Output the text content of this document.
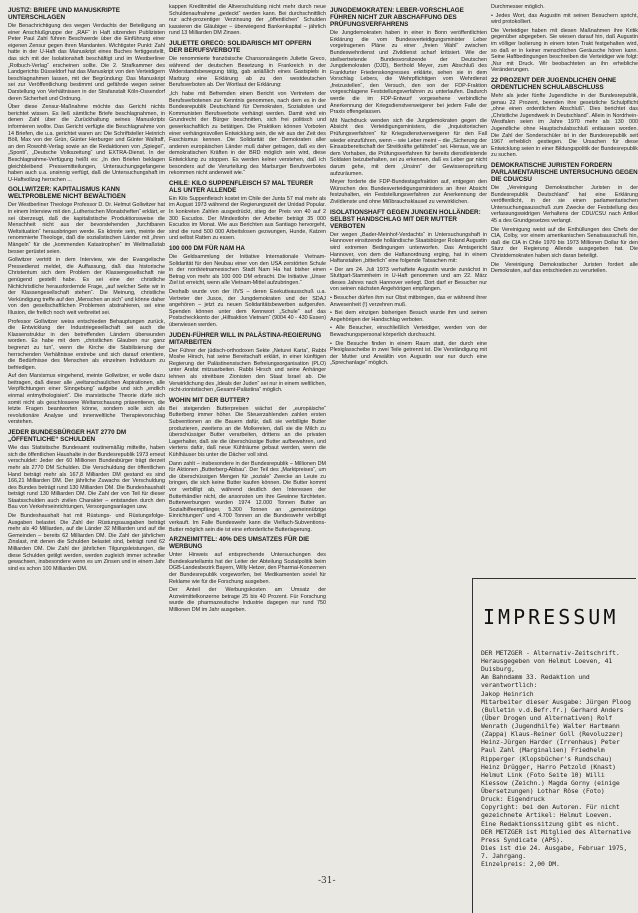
JUSTIZ: BRIEFE UND MANUSKRIPTE UNTERSCHLAGEN

Die Benachrichtigung des wegen Verdachts der Beteiligung an einer Anschlußgruppe der „RAF“ in Haft sitzenden Publizisten Peter Paul Zahl führen Beschwerde über die Einführung einer eigenen Zensur gegen ihren Mandanten. Wichtigster Punkt: Zahl hatte in der U-Haft das Manuskript eines Buches fertiggestellt, das sich mit der Isolationshaft beschäftigt und im Westberliner „Rotbuch-Verlag“ erscheinen sollte. Die 2. Strafkammer des Landgerichts Düsseldorf hat das Manuskript von den Verteidigern beschlagnahmen lassen, mit der Begründung: Das Manuskript sei zur Veröffentlichung bestimmt und gefährde wegen seiner Darstellung von Verhältnissen in der Strafanstalt Köln-Ossendorf deren Sicherheit und Ordnung.

Über diese Zensur-Maßnahme möchte das Gericht nichts berichtet wissen. Es ließ sämtliche Briefe beschlagnahmen, in denen Zahl über die Zurückhaltung seines Manuskripts informieren wollte. Das Gericht verfügte die Beschlagnahme von 14 Briefen, die u.a. gerichtet waren an: Die Schriftsteller Heinrich Böll, Max von der Grün, Günter Herburger und Günter Wallraff, an den Rowohlt-Verlag sowie an die Redaktionen von „Spiegel“, „Sponti“, „Deutsche Volkszeitung“ und EXTRA-Dienst. In der Beschlagnahme-Verfügung heißt es: „In den Briefen beklagen gleichbleibend Pressemitteilungen, Untersuchungsgefangene haben auch u.a. unsinnig verfügt, daß die Untersuchungshaft im U-Haftvollzug herrschen ...

GOLLWITZER: KAPITALISMUS KANN WELTPROBLEME NICHT BEWÄLTIGEN

Der Westberliner Theologe Professor D. Dr. Helmut Gollwitzer hat in einem Interview mit den „Lutherischen Monatsheften“ erklärt, er sei überzeugt, daß die kapitalistische Produktionsweise die Menschheit nicht aus der bevorstehenden „furchtbaren Weltsituation“ herausbringen werde. Es könnte sein, meinte der renommierte Theologe, daß die sozialistischen Länder mit „ihren Mängeln“ für die „kommenden Katastrophen“ im Weltmaßstab besser gerüstet seien.

Gollwitzer vertritt in dem Interview, wie der Evangelische Pressedienst meldet, die Auffassung, daß das historische Christentum sich dem Problem der Klassengesellschaft nie genügend gestellt habe. Es sei eine der christliche Nichtchristliche herausfordernde Frage, „auf welcher Seite wir in der Klassengesellschaft stehen“. Die Meinung, christliche Verkündigung treffe auf den „Menschen an sich“ und könne daher von den gesellschaftlichen Problemen abstrahieren, sei eine Illusion, die freilich noch weit verbreitet sei.

Professor Gollwitzer weiss entschieden Behauptungen zurück, die Entwicklung der Industriegesellschaft sei auch die Klassenstruktur in den betreffenden Ländern überwunden worden. Es habe mit dem „christlichen Glauben nur ganz begrenzt zu tun“, wenn die Kirche die Stabilisierung der herrschenden Verhältnisse erstrebe und sich darauf orientiere, die Bedürfnisse des Menschen als einzelnen Individuum zu befriedigen.

Auf den Marxismus eingehend, meinte Gollwitzer, er wolle dazu beitragen, daß dieser alle „weltanschaulichen Aspirationen, alle Verpflichtungen einer Sinngebung“ aufgebe und sich „endlich einmal entmythologisiert“. Die marxistische Theorie dürfe sich somit nicht als geschlossene Weltanschauung präsentieren, die letzte Fragen beantworten könne, sondern solle sich als revolutionäre Analyse und innerweltliche Therapievorschlag verstehen.

JEDER BUNDESBÜRGER HAT 2770 DM „ÖFFENTLICHE“ SCHULDEN

Wie das Statistische Bundesamt routinemäßig mitteilte, haben sich die öffentlichen Haushalte in der Bundesrepublik 1973 erneut verschuldet: Jeder der 60 Millionen Bundesbürger trägt derzeit mehr als 2770 DM Schulden. Die Verschuldung der öffentlichen Hand beträgt mehr als 167,8 Milliarden DM gestand es sind 166,21 Milliarden DM. Der jährliche Zuwachs der Verschuldung des Bundes beträgt rund 130 Milliarden DM. Die Bundeshaushalt beträgt rund 130 Milliarden DM. Die Zahl der von Teil für dieser Staatsschulden auch zivilen Charakter – entstanden durch den Bau von Verkehrseinrichtungen, Versorgungsanlagen usw.

Die Bundeshaushalt hat mit Rüstungs- und Rüstungsfolge-Ausgaben belastet. Die Zahl der Rüstungsausgaben beträgt mehr als 40 Milliarden, auf die Länder 32 Milliarden und auf die Gemeinden – bereits 62 Milliarden DM. Die Zahl der jährlichen Zinslast, mit denen die Schulden belastet sind, beträgt rund 62 Milliarden DM. Die Zahl der jährlichen Tilgungsleistungen, die diese Schulden getilgt werden, werden zugleich immer schneller gewachsen, insbesondere wenn es um Zinsen und in einem Jahr sind es schon 100 Milliarden DM.

kappen Kreditmittel die Altverschuldung nicht mehr durch neue Schuldenaufnahme „gedeckt“ werden kann. Bei durchschnittlich nur acht-prozentiger Verzinsung der „öffentlichen“ Schulden kassieren die Gläubiger – überwiegend Bankenkapital – jährlich rund 13 Milliarden DM Zinsen.

JULIETTE GRECO: SOLIDARISCH MIT OPFERN DER BERUFSVERBOTE

Die renommierte französische Chansonsängerin Juliette Greco, während der deutschen Besetzung in Frankreich in der Widerstandsbewegung tätig, gab anläßlich eines Gastspiels in Marburg eine Erklärung ab zu den westdeutschen Berufsverboten ab. Der Wortlaut der Erklärung:

„Ich habe mit Befremden einen Bericht von Vertretern der Berufsverbotenen zur Kenntnis genommen, nach dem es in der Bundesrepublik Deutschland für Demokraten, Sozialisten und Kommunisten Berufsverbote verhängt werden. Damit wird ein Grundrecht der Bürger beschnitten, sich frei politisch und gewerkschaftlich zu betätigen. Die Praktiken können Vorboten einer verhängnisvollen Entwicklung sein, die wir aus der Zeit des Faschismus kennen. Die Solidarität der Demokraten aller anderen europäischen Länder muß daher getragen, daß es den demokratischen Kräften in der BRD möglich sein wird, diese Entwicklung zu stoppen. Es werden kelner verstehen, daß ich besonders auf die Verurteilung des Marburger Berufsverbotes rekommen nicht anderweit wie.“

CHILE: KILO SUPPENFLEISCH 57 MAL TEURER ALS UNTER ALLENDE

Ein Kilo Suppenfleisch kostet im Chile der Junta 57 mal mehr als im August 1973 während der Regierungszeit der Unidad Popular. In konkreten Zahlen ausgedrückt, stieg der Preis von 40 auf 2 300 Escudos. Der Mindestlohn der Arbeiter beträgt 35 000 Escudos im Monat. Wie aus Berichten aus Santiago hervorgeht, sind die rund 500 000 Arbeitslosen gezwungen, Hunde, Katzen und selbst Ratten zu essen.

100 000 DM FÜR NAM HA

Die Geldsammlung der Initiative Internationale Vietnam-Solidarität für den Neubau einer von den USA zerstörten Schule in der nordvietnamesischen Stadt Nam Ha hat bisher einen Betrag von mehr als 100 000 DM erbracht. Die Initiative „Unser Ziel ist erreicht, wenn alle Vietnam-Mittel aufzubringen.“

Deshalb wurde von der IIVS – deren Exekutivausschuß u.a. Vertreter der Jusos, der Jungdemokraten und der SDAJ angehören – jetzt zu neuen Solidaritätsbewerben aufgerufen. Spenden können unter dem Kennwort „Schule“ auf das Postscheckkonto der „Hilfsaktion Vietnam“ (9004 40 - 430 Essen) überwiesen werden.

JUDEN-FÜHRER WILL IN PALÄSTINA-REGIERUNG MITARBEITEN

Der Führer der jüdisch-orthodoxen Sekte „Neturei Karta“, Rabbi Moshe Hirsch, hat seine Bereitschaft erklärt, in einer künftigen Regierung der Palästinensischen Befreiungsorganisation (PLO) unter Arafat mitzuarbeiten. Rabbi Hirsch und seine Anhänger lehnen als streitbare Zionisten den Staat Israel ab. Die Verwirklichung des „Ideals der Juden“ sei nur in einem weltlichen, nicht-zionistischen „Gesamt-Palästina“ möglich.

WOHIN MIT DER BUTTER?

Bei steigenden Butterpreisen wächst der „europäische“ Butterberg immer höher. Die Steuerzahlenden zahlen ersten Subventionen an die Bauern dafür, daß sie verbilligte Butter produzieren, zweitens an die Molkereien, daß sie die Milch zu überschüssiger Butter verarbeiten, drittens an die privaten Lagerhalter, daß sie die überschüssige Butter aufbewahren, und viertens dafür, daß neue Kühlräume gebaut werden, wenn die Kühlhäuser bis unter die Dächer voll sind.

Dann zahlt – insbesondere in der Bundesrepublik – Millionen DM für Aktionen „Butterberg-Abbau“. Der Teil des „Marktpreises“, um die überschüssigen Mengen für „soziale“ Zwecke an Leute zu bringen, die sich keine Butter kaufen können. Die Butter kommt vor verbilligt ab, während deutlich den Interessen der Butterhändler nicht, die ansonsten um ihre Gewinne fürchteten. Butterwerbungen wurden 1974 12.000 Tonnen Butter an Sozialhilfeempfänger, 5.300 Tonnen an „gemeinnützige Einrichtungen“ und 4.700 Tonnen an die Bundeswehr verbilligt verkauft. Im Falle Bundeswehr kann die Vielfach-Subventions-Butter möglich sein die ist eine erforderliche Butterlagerung.

ARZNEIMITTEL: 40% DES UMSATZES FÜR DIE WERBUNG

Unter Hinweis auf entsprechende Untersuchungen des Bundeskartellamts hat der Leiter der Abteilung Sozialpolitik beim DGB-Landesbezirk Bayern, Willy Hetzer, den Pharmai-Konzernen der Bundesrepublik vorgeworfen, bei Medikamenten soviel für Reklame wie für die Forschung ausgeben.

Der Anteil der Werbungskosten am Umsatz der Arzneimittelkonzerne betrage 25 bis 40 Prozent. Für Forschung wurde die pharmazeutische Industrie dagegen nur rund 750 Millionen DM im Jahr ausgeben.

JUNGDEMOKRATEN: LEBER-VORSCHLAGE FÜHREN NICHT ZUR ABSCHAFFUNG DES PRÜFUNGSVERFAHRENS

Die Jungdemokraten haben in einer in Bonn veröffentlichten Erklärung die vom Bundesverteidigungsminister Leber vorgetragenen Pläne zu einer „freien Wahl“ zwischen Bundeswehrdienst und Zivildienst scharf kritisiert. Wie der stellvertretende Bundesvorsitzende der Deutschen Jungdemokraten (DJD), Berthold Meyer, zum Abschluß des Frankfurter Friedenskongresses erklärte, sehen sie in dem Vorschlag Lebers, die Wehrpflichtigen vom Wehrdienst „freizustellen“, den Versuch, den von der FDP-Fraktion vorgeschlagene Feststellungsverfahren zu unterlaufen. Dadurch werde die im FDP-Entwurf vorgesehene verbindliche Anerkennung der Kriegsdienstverweigerer bei jedem Falle der Praxis offengelassen.

Mit Nachdruck wenden sich die Jungdemokraten gegen die Absicht des Verteidigungsministers, die „Inquisitorischen Prüfungsverfahren“ für Kriegsdienstverweigerer für den Fall wieder einzuführen, wenn – wie Leber meint – die „Sicherung der Einsatzbereitschaft der Streitkräfte gefährdet“ sei. Hieraus, wie an dem Vorhaben, die Prüfungsverfahren für bereits dienstleistende Soldaten beizubehalten, sei zu erkennen, daß es Leber gar nicht darum gehe, mit dem „Unsinn“ der Gewissensprüfung aufzuräumen.

Meyer forderte die FDP-Bundestagsfraktion auf, entgegen den Wünschen des Bundesverteidigungsministers an ihrer Absicht festzuhalten, ein Feststellungsverfahren zur Anerkennung der Zivildienste und ohne Mißbrauchsklausel zu verwirklichen.

ISOLATIONSHAFT GEGEN JUNGEN HOLLÄNDER: SELBST HANDSCHLAG MIT DER MUTTER VERBOTEN

Der wegen „Bader-Meinhof-Verdachts“ in Untersuchungshaft in Hannover einsitzende holländische Staatsbürger Roland Augustin wird extremen Bedingungen unterworfen. Das Amtsgericht Hannover, von dem die Haftanordnung erging, hat in einem Haftanstalten „bitterlich“ eine folgende Tatsachen mit:

• Der am 24. Juli 1973 verhaftete Augustin wurde zunächst in Stuttgart-Stammheim in U-Haft genommen und am 22. März dieses Jahres nach Hannover verlegt. Dort darf er Besucher nur von seinen nächsten Angehörigen empfangen.

• Besucher dürfen ihm nur Obst mitbringen, das er während ihrer Anwesenheit (!) verzehren muß.

• Bei dem einzigen bisherigen Besuch wurde ihm und seinen Angehörigen der Handschlag verboten.

• Alle Besucher, einschließlich Verteidiger, werden von der Bewachungspersonal körperlich durchsucht.

• Die Besuche finden in einem Raum statt, der durch eine Plexiglasscheibe in zwei Teile getrennt ist. Die Verständigung mit der Mutter und Anwältin von Augustin war nur durch eine „Sprechanlage“ möglich.

Durchmesser möglich.

• Jedes Wort, das Augustin mit seinen Besuchern spricht, wird protokolliert.

Die Verteidiger haben mit diesen Maßnahmen ihre Kritik gegenüber abgegeben. Sie wiesen darauf hin, daß Augustin im völliger Isolierung in einem toten Trakt festgehalten wird, so daß er in keiner menschlichen Geräusche hören kann. Seine Haftbedingungen beschreiben die Verteidiger wie folgt: „Nur mit Druck. Wir beobachteten an ihn erhebliche Veränderungen.

22 PROZENT DER JUGENDLICHEN OHNE ORDENTLICHEN SCHULABSCHLUSS

Mehr als jeder fünfte Jugendliche in der Bundesrepublik, genau 22 Prozent, beenden ihre gesetzliche Schulpflicht „ohne einen ordentlichen Abschluß“. Dies berichtet das „Christliche Jugendwerk in Deutschland“. Allein in Nordrhein-Westfalen seien im Jahre 1970 mehr als 130 000 Jugendliche ohne Hauptschulabschluß entlassen worden. Die Zahl der Sonderschüler ist in der Bundesrepublik seit 1967 erheblich gestiegen. Die Ursachen für diese Entwicklung seien in einer Bildungspolitik der Bundesrepublik zu suchen.

DEMOKRATISCHE JURISTEN FORDERN PARLAMENTARISCHE UNTERSUCHUNG GEGEN DIE CDU/CSU

Die „Vereinigung Demokratischer Juristen in der Bundesrepublik Deutschland“ hat eine Erklärung veröffentlicht, in der sie einen parlamentarischen Untersuchungsausschuß zum Zwecke der Feststellung des verfassungswidrigen Verhaltens der CDU/CSU nach Artikel 45 a des Grundgesetzes verlangt.

Die Vereinigung weist auf die Enthüllungen des Chefs der CIA, Colby, vor einem amerikanischen Senatsausschuß hin, daß die CIA in Chile 1970 bis 1973 Millionen Dollar für den Sturz der Regierung Allende ausgegeben hat. Die Christdemokraten haben sich daran beteiligt.

Die Vereinigung Demokratischer Juristen fordert alle Demokraten, auf das entschieden zu verurteilen.

IMPRESSUM

DER METZGER - Alternativ-Zeitschrift.
Herausgegeben von Helmut Loeven, 41 Duisburg,
Am Bahndamm 33. Redaktion und verantwortlich:
Jakop Heinrich
Mitarbeiter dieser Ausgabe: Jürgen Ploog (Bulletin v.d.Befr.fr.) Gerhard Anders (Über Drogen und Alternativen) Rolf Wenrath (Jugendhilfe) Walter Hartmann (Zappa) Klaus-Reiner Goll (Revoluzzer) Heinz-Jürgen Harder (Irrenhaus) Peter Paul Zahl (Marginalien) Friedhelm Ripperger (Klopsbücher's Rundschau) Heinz Drügger, Harro Petzold (Knast) Helmut Link (Foto Seite 10) Willi Kiessow (Zeichn.) Magda Gorny (einige Übersetzungen) Lothar Röse (Foto)
Druck: Eigendruck
Copyright: bei den Autoren. Für nicht gezeichnete Artikel: Helmut Loeven.
Eine Redaktionssitzung gibt es nicht.
DER METZGER ist Mitglied des Alternative Press Syndicate (APS).
Dies ist die 24. Ausgabe, Februar 1975,
7. Jahrgang.
Einzelpreis: 2,00 DM.

-31-
